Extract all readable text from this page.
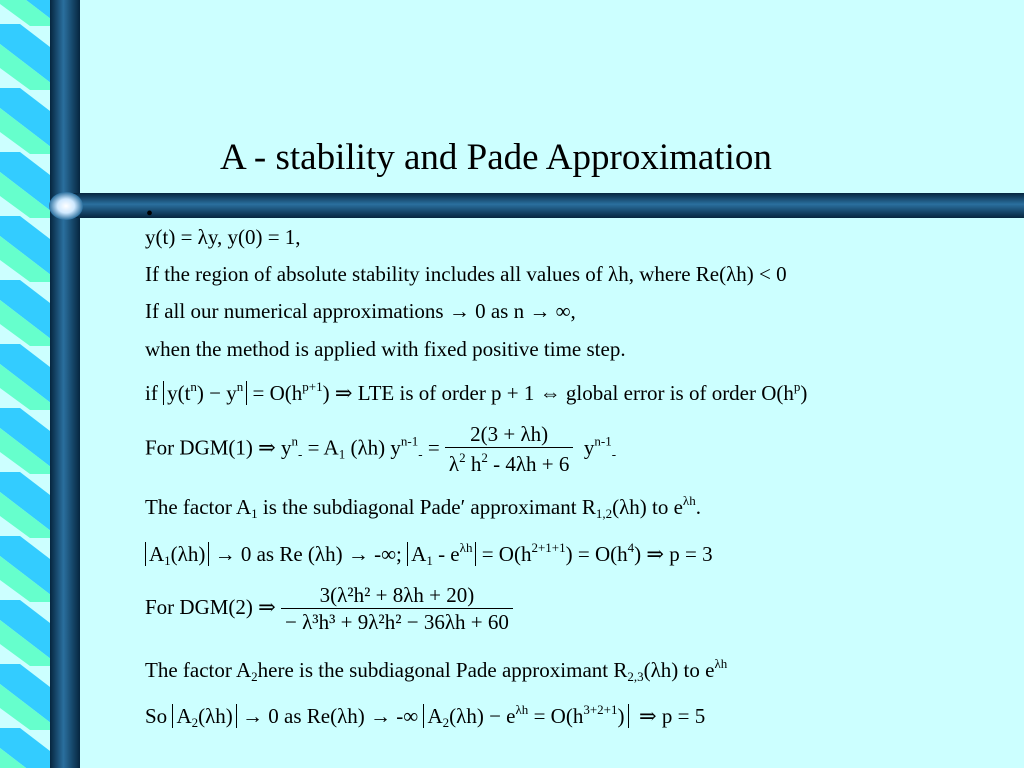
A - stability and Pade Approximation
•
y(t) = λy, y(0) = 1,
If the region of absolute stability includes all values of λh, where Re(λh) < 0
If all our numerical approximations → 0 as n → ∞,
when the method is applied with fixed positive time step.
if $y(t^n) - y^n = O(h^{p+1})$ ⇒ LTE is of order p + 1 ⇔ global error is of order $O(h^p)$
For DGM(1) ⇒ $y^n_- = A_1$ (λh) $y^{n-1}_- = \frac{2(3 + \lambda h)}{\lambda^2 h^2 - 4\lambda h + 6} y^{n-1}_-$
The factor $A_1$ is the subdiagonal Padeʹ approximant $R_{1,2}(\lambda h)$ to $e^{\lambda h}$.
$A_1(\lambda h) \to 0$ as Re (λh) → -∞; $A_1 - e^{\lambda h} = O(h^{2+1+1}) = O(h^4)$ ⇒ p = 3
For DGM(2) ⇒ $\frac{\text{3(λ²h² + 8λh + 20)}}{\text{− λ³h³ + 9λ²h² − 36λh + 60}}$
The factor $A_2here$ is the subdiagonal Pade approximant $R_{2,3}(\lambda h)$ to $e^{\lambda h}$
So $A_2(\lambda h) \to 0$ as Re(λh) → -∞ $A_2(\lambda h) - e^{\lambda h} = O(h^{3+2+1})$  ⇒ p = 5
